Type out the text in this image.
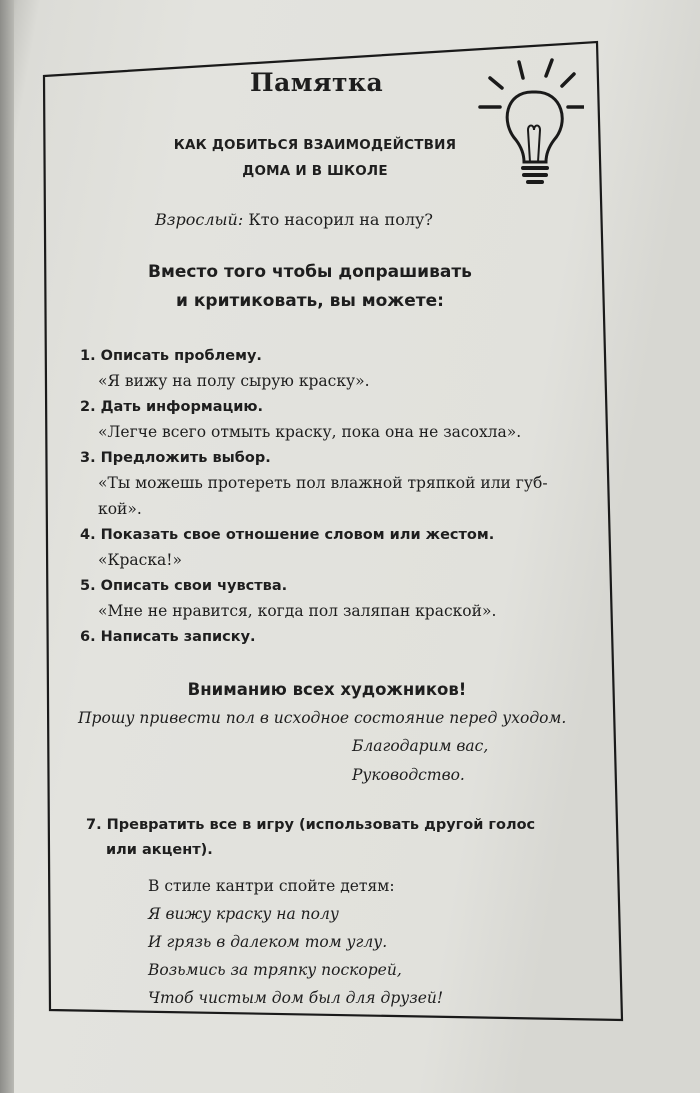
Памятка
КАК ДОБИТЬСЯ ВЗАИМОДЕЙСТВИЯ
ДОМА И В ШКОЛЕ
Взрослый: Кто насорил на полу?
Вместо того чтобы допрашивать
и критиковать, вы можете:
1. Описать проблему.
«Я вижу на полу сырую краску».
2. Дать информацию.
«Легче всего отмыть краску, пока она не засохла».
3. Предложить выбор.
«Ты можешь протереть пол влажной тряпкой или губ-кой».
4. Показать свое отношение словом или жестом.
«Краска!»
5. Описать свои чувства.
«Мне не нравится, когда пол заляпан краской».
6. Написать записку.
Вниманию всех художников!
Прошу привести пол в исходное состояние перед уходом.
Благодарим вас,
Руководство.
7. Превратить все в игру (использовать другой голос
или акцент).
В стиле кантри спойте детям:
Я вижу краску на полу
И грязь в далеком том углу.
Возьмись за тряпку поскорей,
Чтоб чистым дом был для друзей!
